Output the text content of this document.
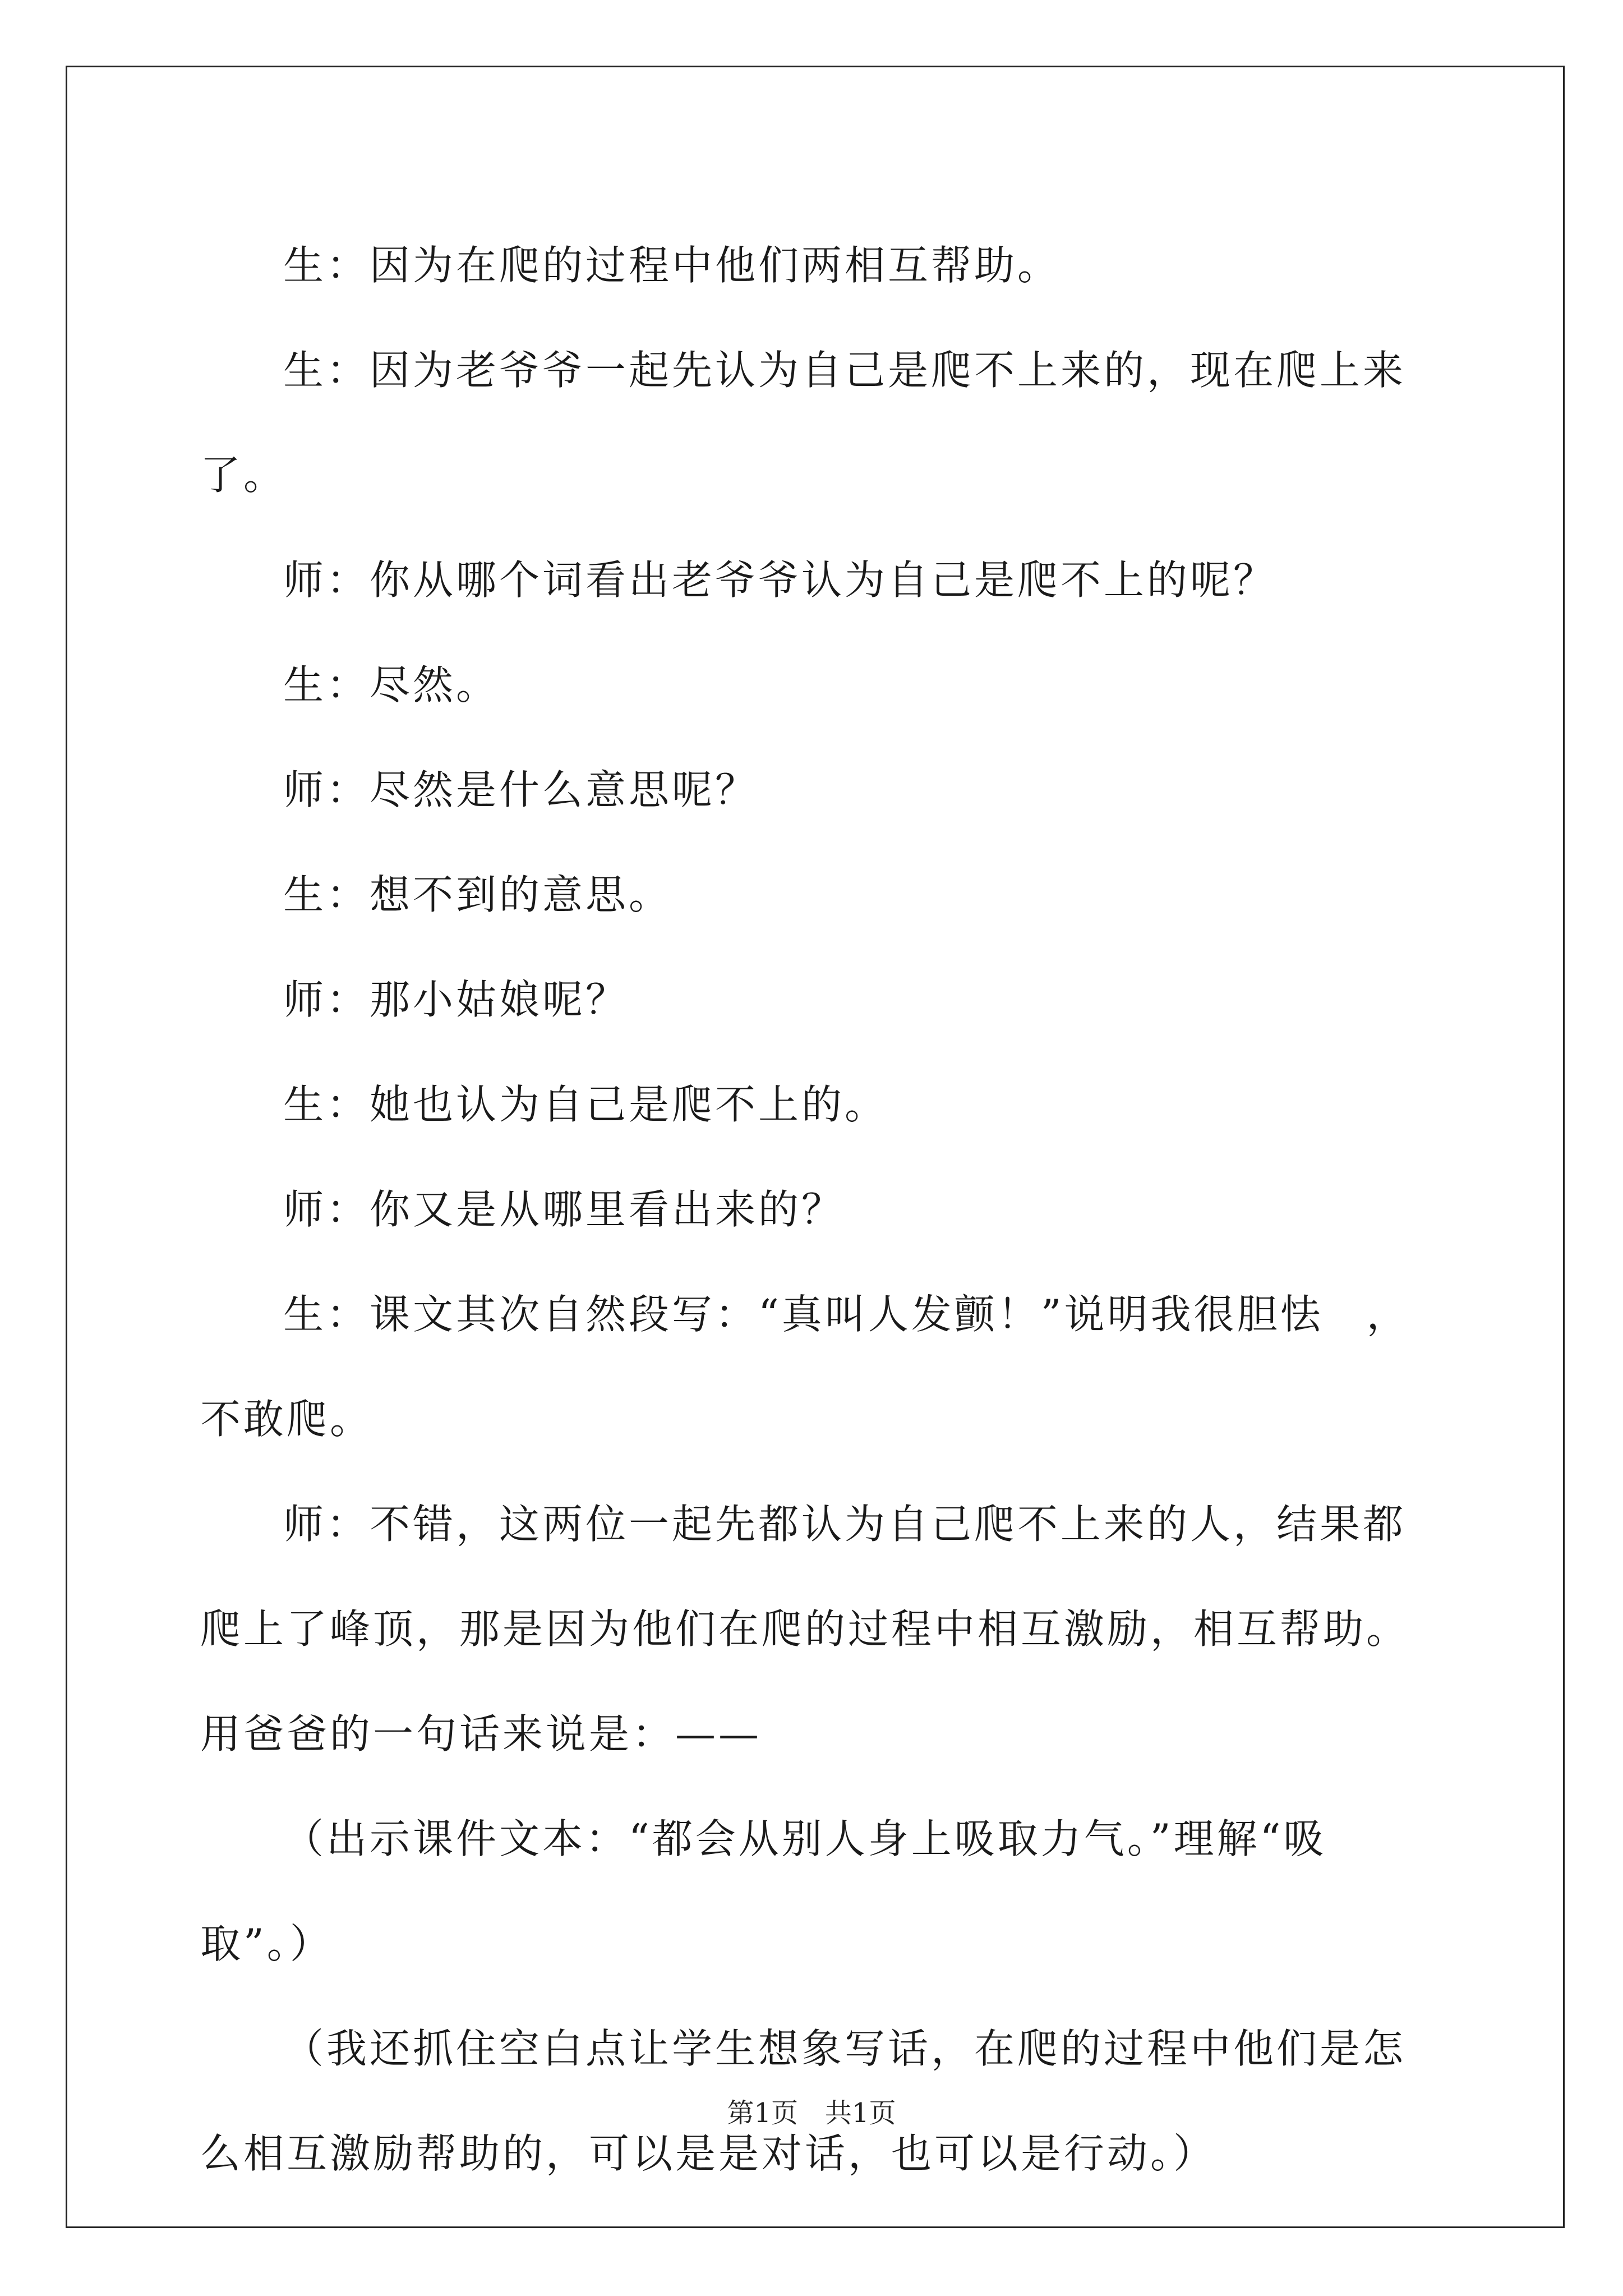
生：因为在爬的过程中他们两相互帮助。

生：因为老爷爷一起先认为自己是爬不上来的，现在爬上来了。

师：你从哪个词看出老爷爷认为自己是爬不上的呢？

生：尽然。

师：尽然是什么意思呢？

生：想不到的意思。

师：那小姑娘呢？

生：她也认为自己是爬不上的。

师：你又是从哪里看出来的？

生：课文其次自然段写：“真叫人发颤！”说明我很胆怯　，不敢爬。

师：不错，这两位一起先都认为自己爬不上来的人，结果都爬上了峰顶，那是因为他们在爬的过程中相互激励，相互帮助。用爸爸的一句话来说是：——

（出示课件文本：“都会从别人身上吸取力气。”理解“吸取”。）

（我还抓住空白点让学生想象写话，在爬的过程中他们是怎么相互激励帮助的，可以是是对话，也可以是行动。）

第1页　共1页
